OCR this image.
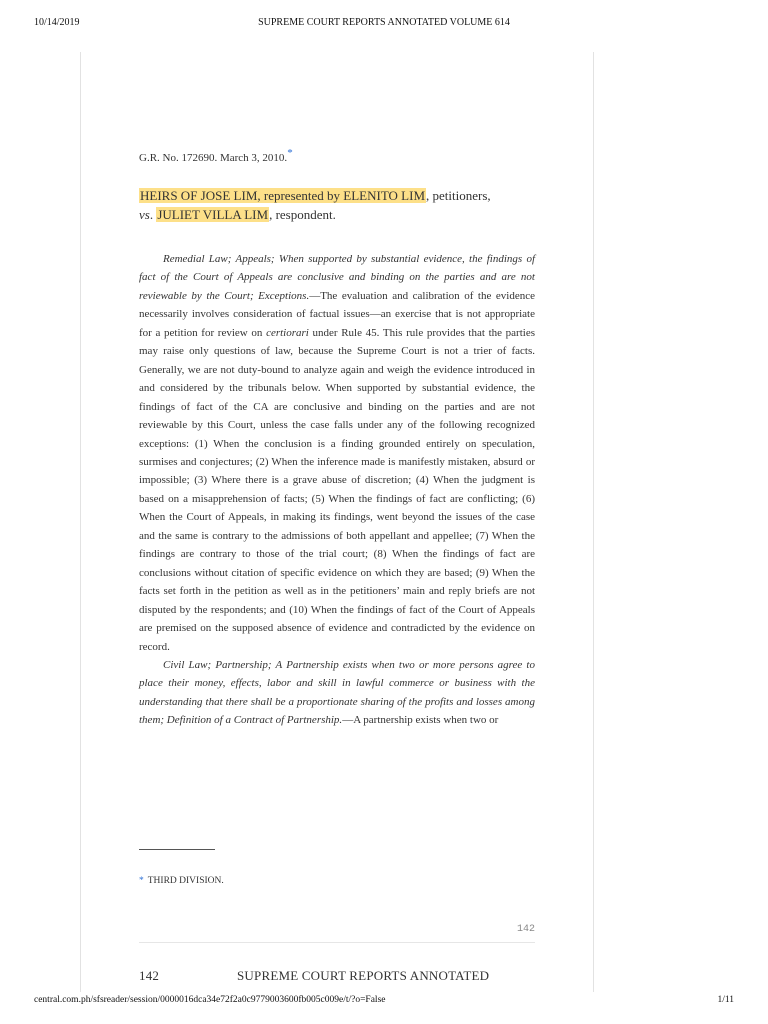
10/14/2019	SUPREME COURT REPORTS ANNOTATED VOLUME 614
G.R. No. 172690. March 3, 2010.*
HEIRS OF JOSE LIM, represented by ELENITO LIM, petitioners,
vs. JULIET VILLA LIM, respondent.

Remedial Law; Appeals; When supported by substantial evidence, the findings of fact of the Court of Appeals are conclusive and binding on the parties and are not reviewable by the Court; Exceptions.—The evaluation and calibration of the evidence necessarily involves consideration of factual issues—an exercise that is not appropriate for a petition for review on certiorari under Rule 45. This rule provides that the parties may raise only questions of law, because the Supreme Court is not a trier of facts. Generally, we are not duty-bound to analyze again and weigh the evidence introduced in and considered by the tribunals below. When supported by substantial evidence, the findings of fact of the CA are conclusive and binding on the parties and are not reviewable by this Court, unless the case falls under any of the following recognized exceptions: (1) When the conclusion is a finding grounded entirely on speculation, surmises and conjectures; (2) When the inference made is manifestly mistaken, absurd or impossible; (3) Where there is a grave abuse of discretion; (4) When the judgment is based on a misapprehension of facts; (5) When the findings of fact are conflicting; (6) When the Court of Appeals, in making its findings, went beyond the issues of the case and the same is contrary to the admissions of both appellant and appellee; (7) When the findings are contrary to those of the trial court; (8) When the findings of fact are conclusions without citation of specific evidence on which they are based; (9) When the facts set forth in the petition as well as in the petitioners’ main and reply briefs are not disputed by the respondents; and (10) When the findings of fact of the Court of Appeals are premised on the supposed absence of evidence and contradicted by the evidence on record.

Civil Law; Partnership; A Partnership exists when two or more persons agree to place their money, effects, labor and skill in lawful commerce or business with the understanding that there shall be a proportionate sharing of the profits and losses among them; Definition of a Contract of Partnership.—A partnership exists when two or

* THIRD DIVISION.
142
142	SUPREME COURT REPORTS ANNOTATED
central.com.ph/sfsreader/session/0000016dca34e72f2a0c9779003600fb005c009e/t/?o=False	1/11
